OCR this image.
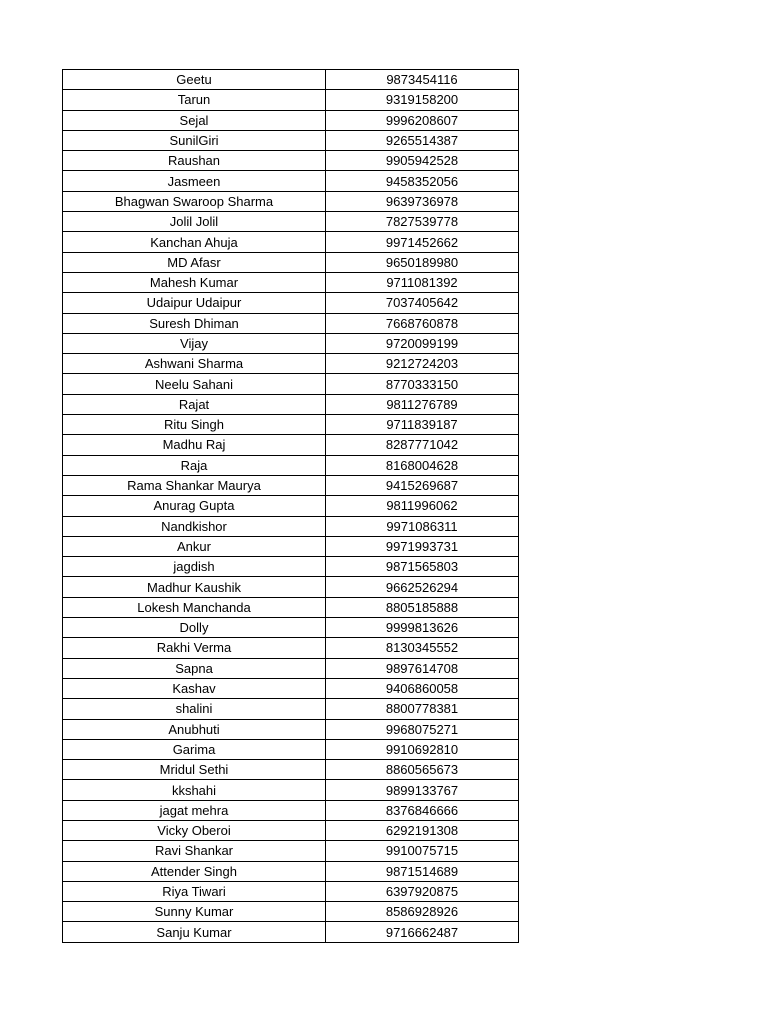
Geetu	9873454116
Tarun	9319158200
Sejal	9996208607
SunilGiri	9265514387
Raushan	9905942528
Jasmeen	9458352056
Bhagwan Swaroop Sharma	9639736978
Jolil Jolil	7827539778
Kanchan Ahuja	9971452662
MD Afasr	9650189980
Mahesh Kumar	9711081392
Udaipur Udaipur	7037405642
Suresh Dhiman	7668760878
Vijay	9720099199
Ashwani Sharma	9212724203
Neelu Sahani	8770333150
Rajat	9811276789
Ritu Singh	9711839187
Madhu Raj	8287771042
Raja	8168004628
Rama Shankar Maurya	9415269687
Anurag Gupta	9811996062
Nandkishor	9971086311
Ankur	9971993731
jagdish	9871565803
Madhur Kaushik	9662526294
Lokesh Manchanda	8805185888
Dolly	9999813626
Rakhi Verma	8130345552
Sapna	9897614708
Kashav	9406860058
shalini	8800778381
Anubhuti	9968075271
Garima	9910692810
Mridul Sethi	8860565673
kkshahi	9899133767
jagat mehra	8376846666
Vicky Oberoi	6292191308
Ravi Shankar	9910075715
Attender Singh	9871514689
Riya Tiwari	6397920875
Sunny Kumar	8586928926
Sanju Kumar	9716662487
